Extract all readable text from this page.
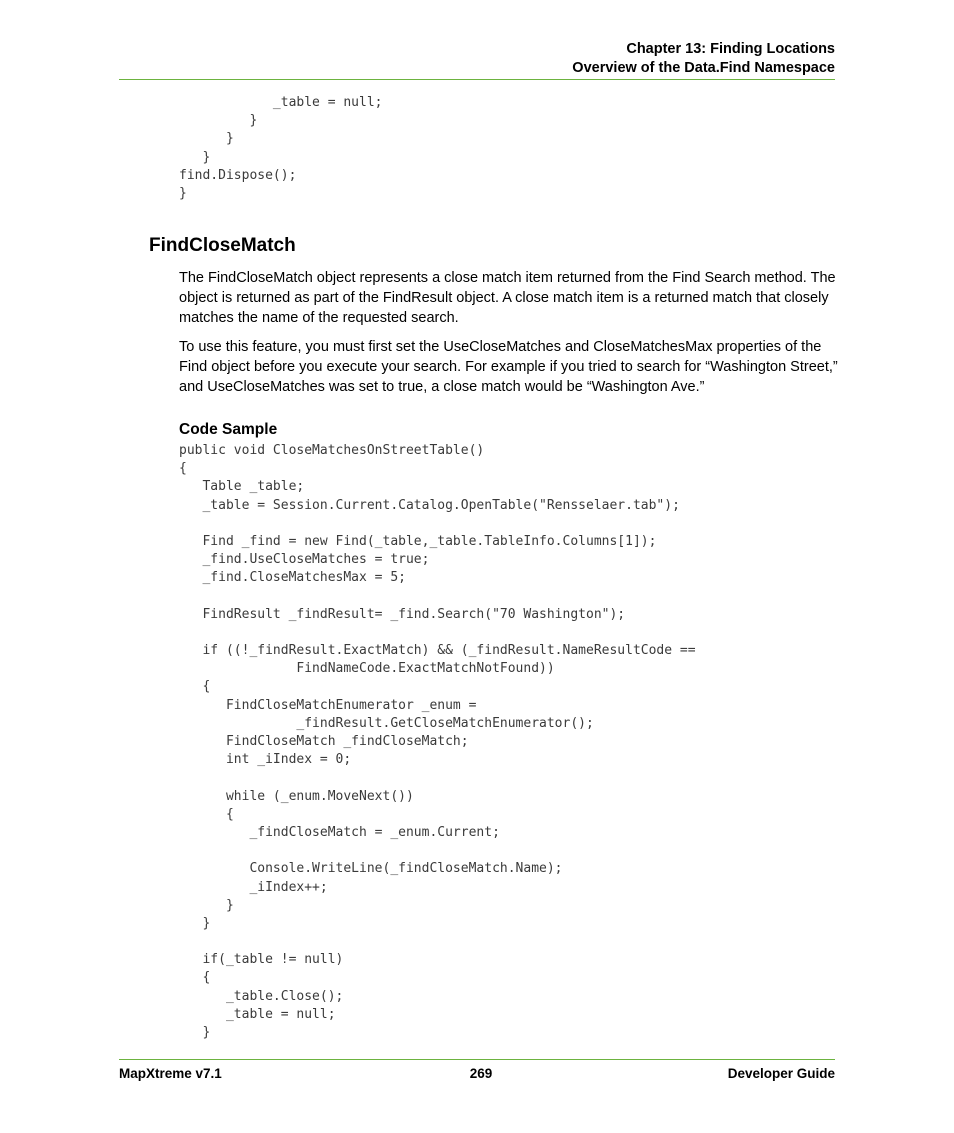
Chapter 13: Finding Locations
Overview of the Data.Find Namespace
_table = null;
}
}
}
find.Dispose();
}
FindCloseMatch

The FindCloseMatch object represents a close match item returned from the Find Search method. The object is returned as part of the FindResult object. A close match item is a returned match that closely matches the name of the requested search.

To use this feature, you must first set the UseCloseMatches and CloseMatchesMax properties of the Find object before you execute your search. For example if you tried to search for “Washington Street,” and UseCloseMatches was set to true, a close match would be “Washington Ave.”

Code Sample
public void CloseMatchesOnStreetTable()
{
Table _table;
_table = Session.Current.Catalog.OpenTable("Rensselaer.tab");
Find _find = new Find(_table,_table.TableInfo.Columns[1]);
_find.UseCloseMatches = true;
_find.CloseMatchesMax = 5;
FindResult _findResult= _find.Search("70 Washington");
if ((!_findResult.ExactMatch) && (_findResult.NameResultCode ==
FindNameCode.ExactMatchNotFound))
{
FindCloseMatchEnumerator _enum =
_findResult.GetCloseMatchEnumerator();
FindCloseMatch _findCloseMatch;
int _iIndex = 0;
while (_enum.MoveNext())
{
_findCloseMatch = _enum.Current;
Console.WriteLine(_findCloseMatch.Name);
_iIndex++;
}
}
if(_table != null)
{
_table.Close();
_table = null;
}
MapXtreme v7.1	269	Developer Guide
